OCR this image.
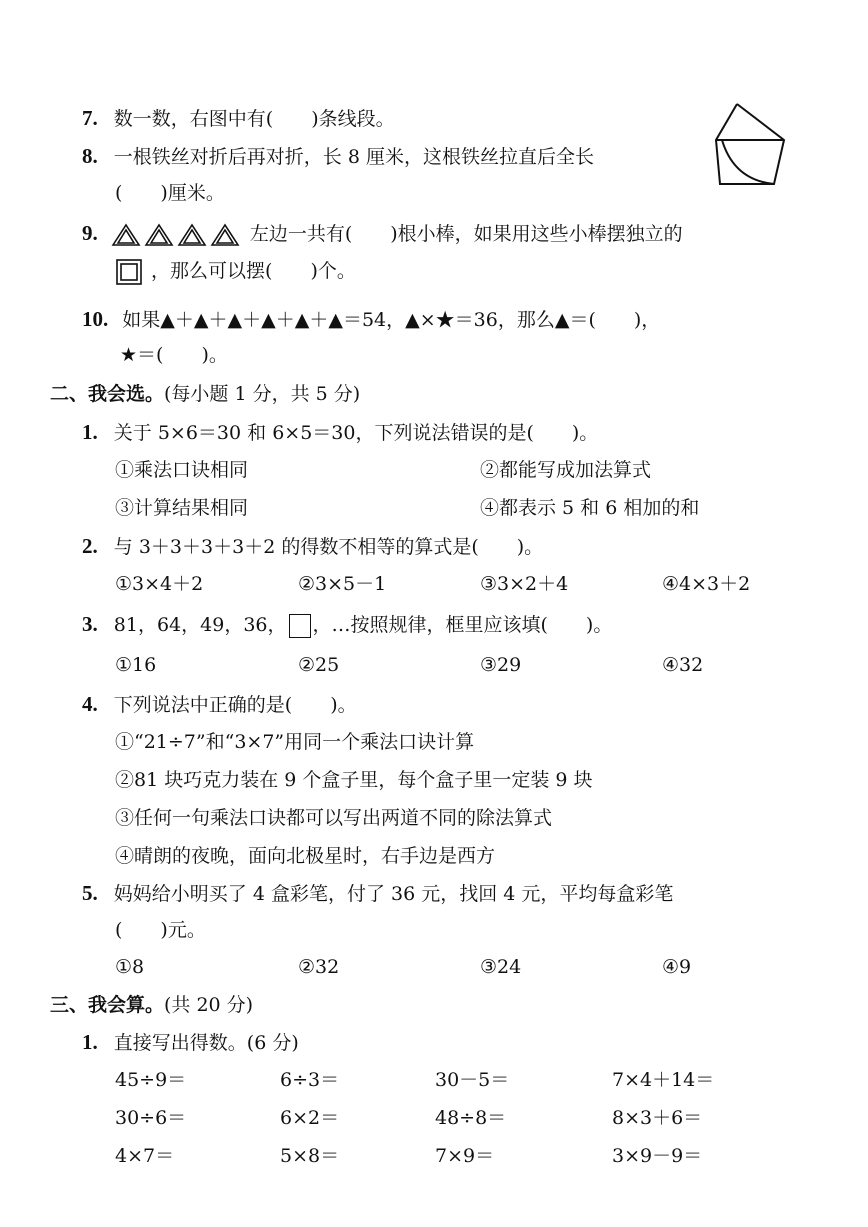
7. 数一数，右图中有(　　)条线段。
8. 一根铁丝对折后再对折，长 8 厘米，这根铁丝拉直后全长
(　　)厘米。
9.	左边一共有(　　)根小棒，如果用这些小棒摆独立的
，那么可以摆(　　)个。
10. 如果▲＋▲＋▲＋▲＋▲＋▲＝54，▲×★＝36，那么▲＝(　　)，
★＝(　　)。
二、我会选。(每小题 1 分，共 5 分)
1. 关于 5×6＝30 和 6×5＝30，下列说法错误的是(　　)。
①乘法口诀相同	②都能写成加法算式
③计算结果相同	④都表示 5 和 6 相加的和
2. 与 3＋3＋3＋3＋2 的得数不相等的算式是(　　)。
①3×4＋2	②3×5－1	③3×2＋4	④4×3＋2
3. 81，64，49，36， ，…按照规律，框里应该填(　　)。
①16	②25	③29	④32
4. 下列说法中正确的是(　　)。
①“21÷7”和“3×7”用同一个乘法口诀计算
②81 块巧克力装在 9 个盒子里，每个盒子里一定装 9 块
③任何一句乘法口诀都可以写出两道不同的除法算式
④晴朗的夜晚，面向北极星时，右手边是西方
5. 妈妈给小明买了 4 盒彩笔，付了 36 元，找回 4 元，平均每盒彩笔
(　　)元。
①8	②32	③24	④9
三、我会算。(共 20 分)
1. 直接写出得数。(6 分)
45÷9＝	6÷3＝	30－5＝	7×4＋14＝
30÷6＝	6×2＝	48÷8＝	8×3＋6＝
4×7＝	5×8＝	7×9＝	3×9－9＝
